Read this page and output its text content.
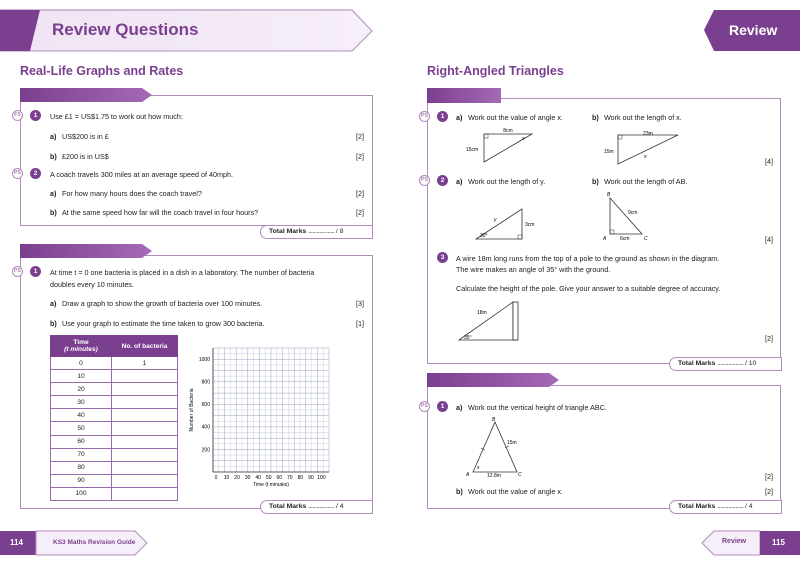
Review Questions	Review
Real-Life Graphs and Rates
FS	1	Use £1 = US$1.75 to work out how much:
a) US$200 is in £	[2]
b) £200 is in US$	[2]
PS	2	A coach travels 300 miles at an average speed of 40mph.
a) For how many hours does the coach travel?	[2]
b) At the same speed how far will the coach travel in four hours?	[2]
Total Marks ................... / 8
PS	1	At time t = 0 one bacteria is placed in a dish in a laboratory. The number of bacteria
doubles every 10 minutes.
a) Draw a graph to show the growth of bacteria over 100 minutes.	[3]
b) Use your graph to estimate the time taken to grow 300 bacteria.	[1]
Time
(t minutes)	No. of bacteria
0	1
10	
20	
30	
40	
50	
60	
70	
80	
90	
100	
1000
800
600
400
200
0 10 20 30 40 50 60 70 80 90 100
Time (t minutes)
Number of Bacteria
Total Marks ................... / 4
114	KS3 Maths Revision Guide
Right-Angled Triangles
PS	1	a) Work out the value of angle x.	b) Work out the length of x.
8cm
15cm
x
23m
15m
x	[4]
PS	2	a) Work out the length of y.	b) Work out the length of AB.
y
3cm
30°
B
A	C
9cm
6cm	[4]
3	A wire 18m long runs from the top of a pole to the ground as shown in the diagram.
The wire makes an angle of 35° with the ground.
Calculate the height of the pole. Give your answer to a suitable degree of accuracy.
18m
35°	[2]
Total Marks ................... / 10
PS	1	a) Work out the vertical height of triangle ABC.
B
A	C
15m
12.8m
x
[2]
b) Work out the value of angle x.	[2]
Total Marks ................... / 4
Review	115
